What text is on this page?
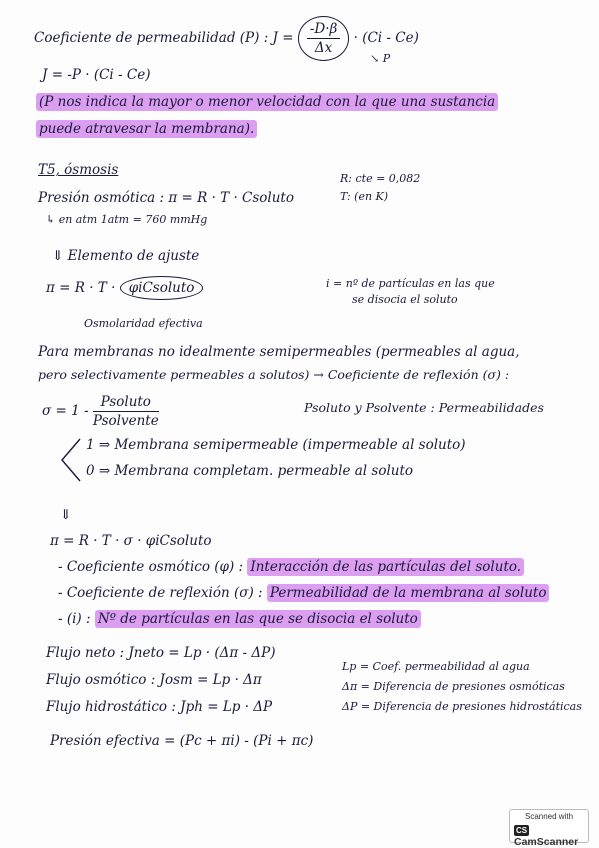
Coeficiente de permeabilidad (P) : $J = \frac{-D\cdot\beta}{\Delta x} \cdot (Ci - Ce)$
↘ P
J = -P · (Ci - Ce)
(P nos indica la mayor o menor velocidad con la que una sustancia
puede atravesar la membrana).
T5, ósmosis
R: cte = 0,082
T: (en K)
Presión osmótica : π = R · T · Csoluto
↳ en atm 1atm = 760 mmHg
⇓ Elemento de ajuste
π = R · T · φiCsoluto	i = nº de partículas en las que
se disocia el soluto
Osmolaridad efectiva
Para membranas no idealmente semipermeables (permeables al agua,
pero selectivamente permeables a solutos) → Coeficiente de reflexión (σ) :
$\sigma = 1 - \frac{\text{Psoluto}}{\text{Psolvente}}$	Psoluto y Psolvente : Permeabilidades
1 ⇒ Membrana semipermeable (impermeable al soluto)
0 ⇒ Membrana completam. permeable al soluto
⇓
π = R · T · σ · φiCsoluto
- Coeficiente osmótico (φ) : Interacción de las partículas del soluto.
- Coeficiente de reflexión (σ) : Permeabilidad de la membrana al soluto
- (i) : Nº de partículas en las que se disocia el soluto
Flujo neto : Jneto = Lp · (Δπ - ΔP)
Flujo osmótico : Josm = Lp · Δπ
Flujo hidrostático : Jph = Lp · ΔP
Lp = Coef. permeabilidad al agua
Δπ = Diferencia de presiones osmóticas
ΔP = Diferencia de presiones hidrostáticas
Presión efectiva = (Pc + πi) - (Pi + πc)
Scanned with
CSCamScanner
